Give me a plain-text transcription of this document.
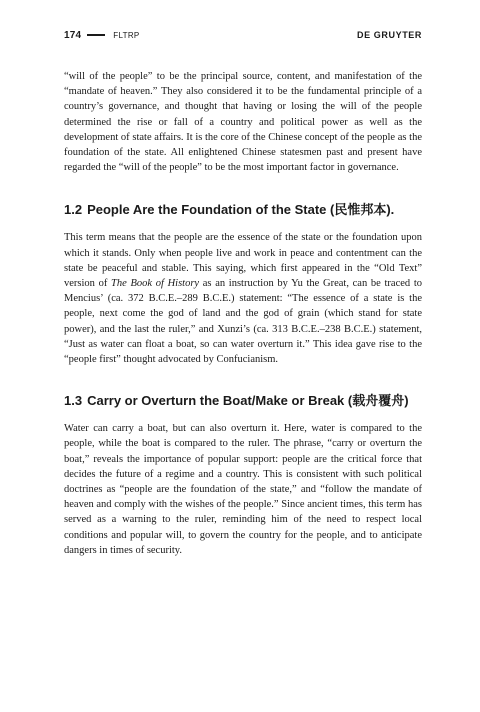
174	FLTRP	DE GRUYTER

“will of the people” to be the principal source, content, and manifestation of the “mandate of heaven.” They also considered it to be the fundamental principle of a country’s governance, and thought that having or losing the will of the people determined the rise or fall of a country and political power as well as the development of state affairs. It is the core of the Chinese concept of the people as the foundation of the state. All enlightened Chinese statesmen past and present have regarded the “will of the people” to be the most important factor in governance.

1.2 People Are the Foundation of the State (民惟邦本).

This term means that the people are the essence of the state or the foundation upon which it stands. Only when people live and work in peace and contentment can the state be peaceful and stable. This saying, which first appeared in the “Old Text” version of The Book of History as an instruction by Yu the Great, can be traced to Mencius’ (ca. 372 B.C.E.–289 B.C.E.) statement: “The essence of a state is the people, next come the god of land and the god of grain (which stand for state power), and the last the ruler,” and Xunzi’s (ca. 313 B.C.E.–238 B.C.E.) statement, “Just as water can float a boat, so can water overturn it.” This idea gave rise to the “people first” thought advocated by Confucianism.

1.3 Carry or Overturn the Boat/Make or Break (载舟覆舟)

Water can carry a boat, but can also overturn it. Here, water is compared to the people, while the boat is compared to the ruler. The phrase, “carry or overturn the boat,” reveals the importance of popular support: people are the critical force that decides the future of a regime and a country. This is consistent with such political doctrines as “people are the foundation of the state,” and “follow the mandate of heaven and comply with the wishes of the people.” Since ancient times, this term has served as a warning to the ruler, reminding him of the need to respect local conditions and popular will, to govern the country for the people, and to anticipate dangers in times of security.
